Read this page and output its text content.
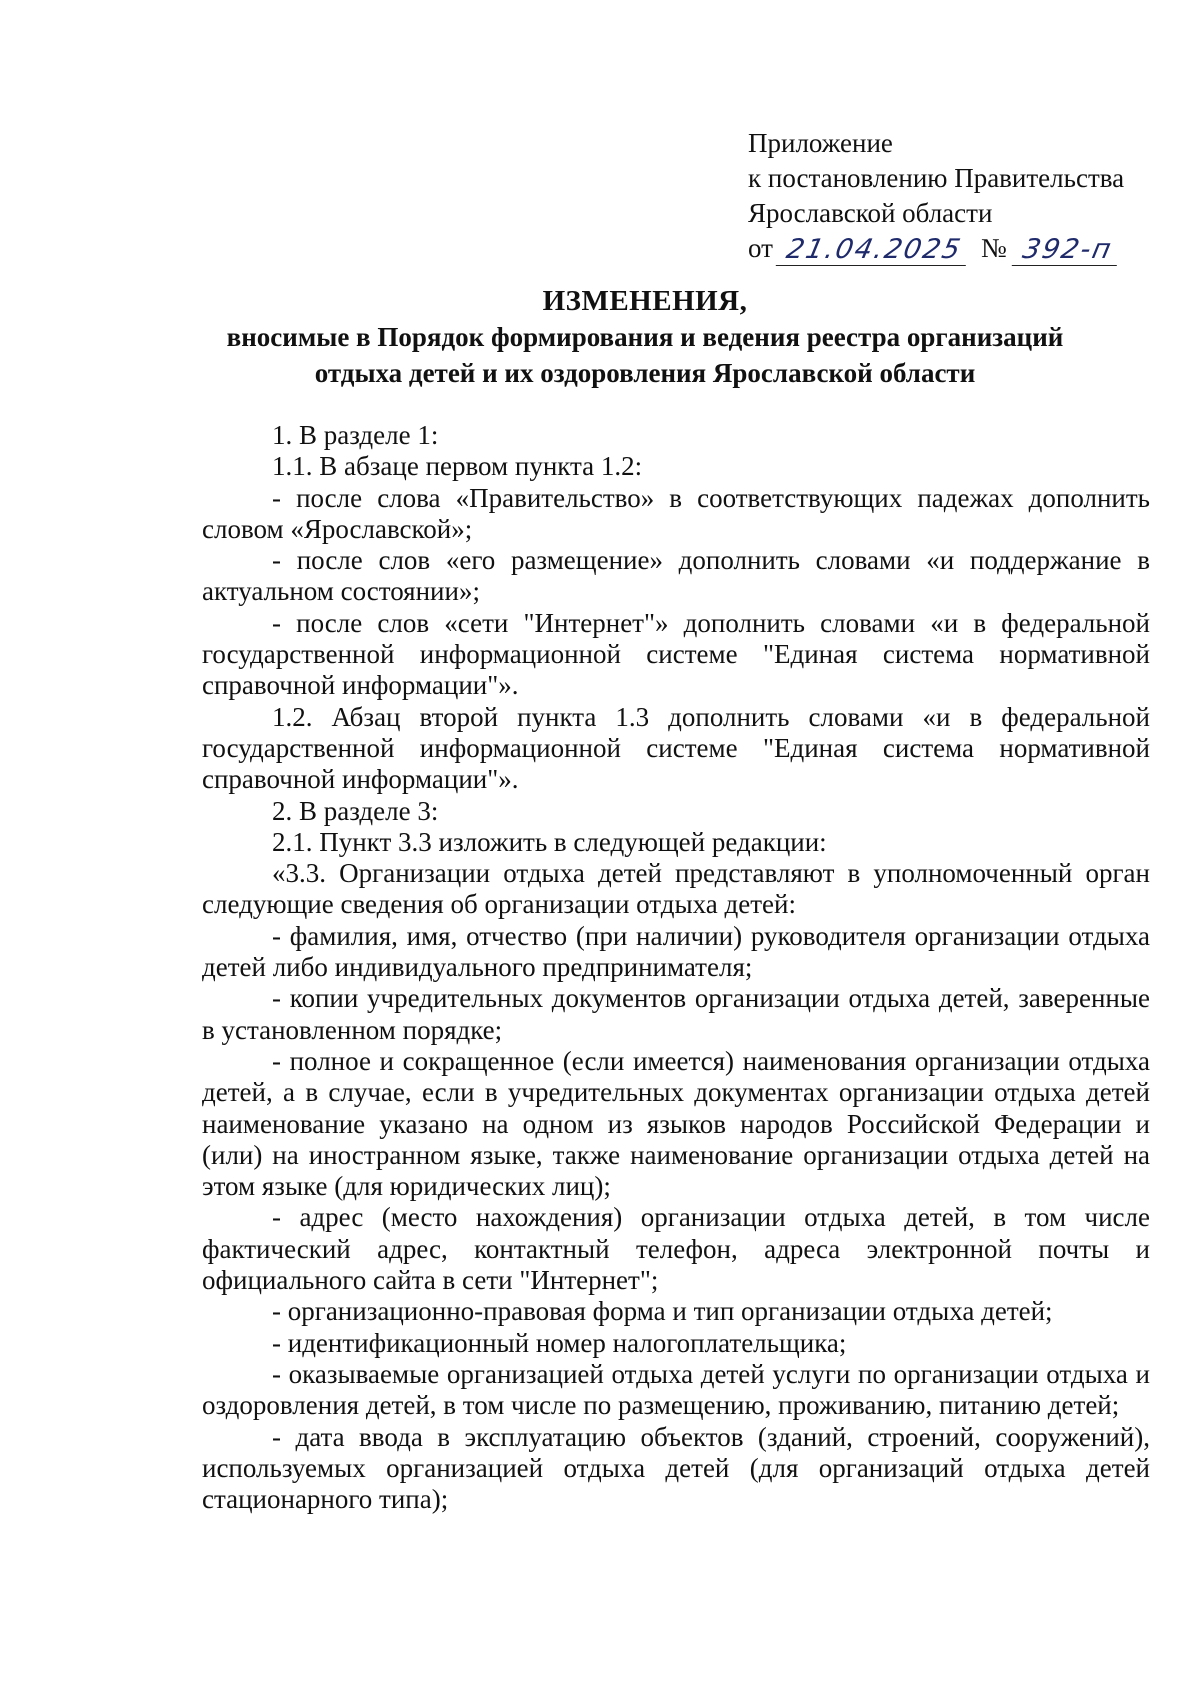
Приложение
к постановлению Правительства
Ярославской области
от 21.04.2025 № 392-п
ИЗМЕНЕНИЯ,
вносимые в Порядок формирования и ведения реестра организаций
отдыха детей и их оздоровления Ярославской области

1. В разделе 1:

1.1. В абзаце первом пункта 1.2:

- после слова «Правительство» в соответствующих падежах дополнить словом «Ярославской»;

- после слов «его размещение» дополнить словами «и поддержание в актуальном состоянии»;

- после слов «сети "Интернет"» дополнить словами «и в федеральной государственной информационной системе "Единая система нормативной справочной информации"».

1.2. Абзац второй пункта 1.3 дополнить словами «и в федеральной государственной информационной системе "Единая система нормативной справочной информации"».

2. В разделе 3:

2.1. Пункт 3.3 изложить в следующей редакции:

«3.3. Организации отдыха детей представляют в уполномоченный орган следующие сведения об организации отдыха детей:

- фамилия, имя, отчество (при наличии) руководителя организации отдыха детей либо индивидуального предпринимателя;

- копии учредительных документов организации отдыха детей, заверенные в установленном порядке;

- полное и сокращенное (если имеется) наименования организации отдыха детей, а в случае, если в учредительных документах организации отдыха детей наименование указано на одном из языков народов Российской Федерации и (или) на иностранном языке, также наименование организации отдыха детей на этом языке (для юридических лиц);

- адрес (место нахождения) организации отдыха детей, в том числе фактический адрес, контактный телефон, адреса электронной почты и официального сайта в сети "Интернет";

- организационно-правовая форма и тип организации отдыха детей;

- идентификационный номер налогоплательщика;

- оказываемые организацией отдыха детей услуги по организации отдыха и оздоровления детей, в том числе по размещению, проживанию, питанию детей;

- дата ввода в эксплуатацию объектов (зданий, строений, сооружений), используемых организацией отдыха детей (для организаций отдыха детей стационарного типа);
